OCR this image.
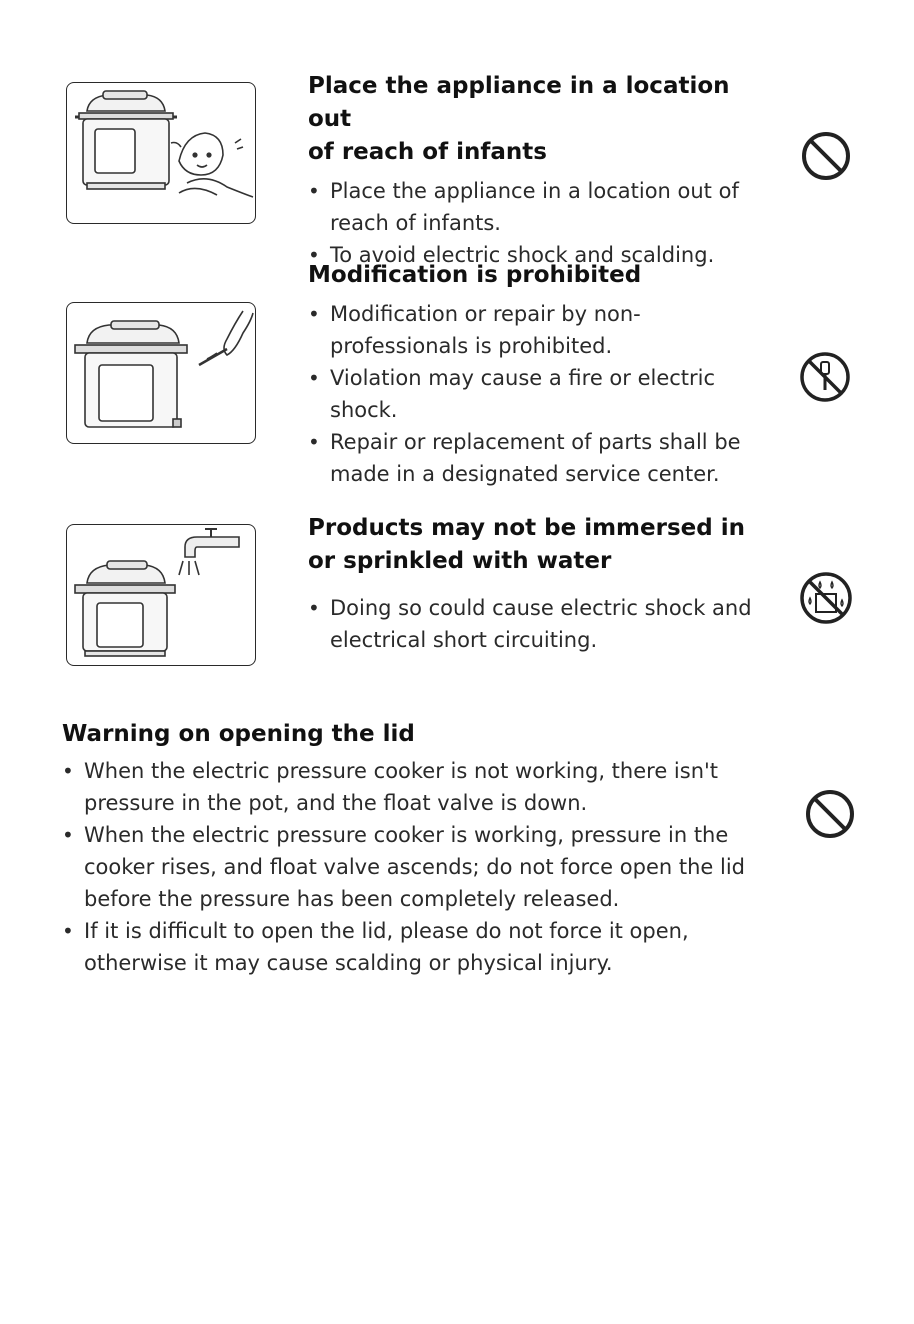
Place the appliance in a location out
of reach of infants

• Place the appliance in a location out of reach of infants.
• To avoid electric shock and scalding.

Modification is prohibited

• Modification or repair by non-professionals is prohibited.
• Violation may cause a fire or electric shock.
• Repair or replacement of parts shall be made in a designated service center.

Products may not be immersed in
or sprinkled with water

• Doing so could cause electric shock and electrical short circuiting.

Warning on opening the lid

• When the electric pressure cooker is not working, there isn't pressure in the pot, and the float valve is down.
• When the electric pressure cooker is working, pressure in the cooker rises, and float valve ascends; do not force open the lid before the pressure has been completely released.
• If it is difficult to open the lid, please do not force it open, otherwise it may cause scalding or physical injury.
